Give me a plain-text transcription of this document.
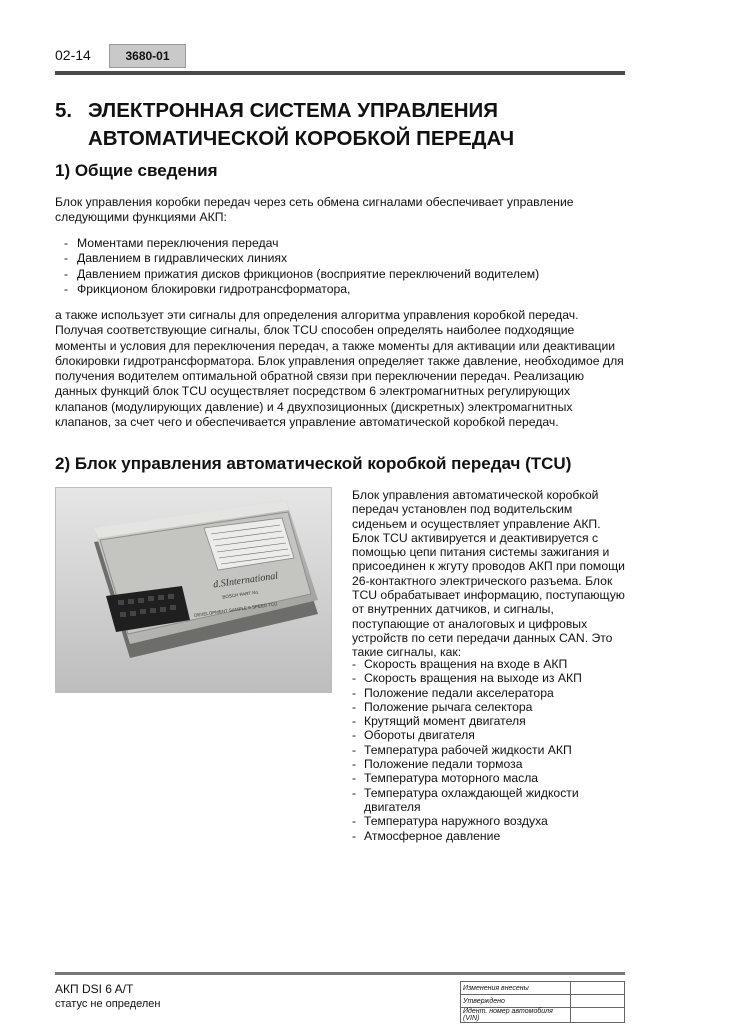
02-14	3680-01
5. ЭЛЕКТРОННАЯ СИСТЕМА УПРАВЛЕНИЯ
АВТОМАТИЧЕСКОЙ КОРОБКОЙ ПЕРЕДАЧ
1) Общие сведения
Блок управления коробки передач через сеть обмена сигналами обеспечивает управление следующими функциями АКП:
- Моментами переключения передач
- Давлением в гидравлических линиях
- Давлением прижатия дисков фрикционов (восприятие переключений водителем)
- Фрикционом блокировки гидротрансформатора,
а также использует эти сигналы для определения алгоритма управления коробкой передач. Получая соответствующие сигналы, блок TCU способен определять наиболее подходящие моменты и условия для переключения передач, а также моменты для активации или деактивации блокировки гидротрансформатора. Блок управления определяет также давление, необходимое для получения водителем оптимальной обратной связи при переключении передач. Реализацию данных функций блок TCU осуществляет посредством 6 электромагнитных регулирующих клапанов (модулирующих давление) и 4 двухпозиционных (дискретных) электромагнитных клапанов, за счет чего и обеспечивается управление автоматической коробкой передач.
2) Блок управления автоматической коробкой передач (TCU)
d.SInternational
BOSCH PART No.
DEVELOPMENT SAMPLE 6 SPEED TCU
Блок управления автоматической коробкой передач установлен под водительским сиденьем и осуществляет управление АКП. Блок TCU активируется и деактивируется с помощью цепи питания системы зажигания и присоединен к жгуту проводов АКП при помощи 26-контактного электрического разъема. Блок TCU обрабатывает информацию, поступающую от внутренних датчиков, и сигналы, поступающие от аналоговых и цифровых устройств по сети передачи данных CAN. Это такие сигналы, как:
- Скорость вращения на входе в АКП
- Скорость вращения на выходе из АКП
- Положение педали акселератора
- Положение рычага селектора
- Крутящий момент двигателя
- Обороты двигателя
- Температура рабочей жидкости АКП
- Положение педали тормоза
- Температура моторного масла
- Температура охлаждающей жидкости двигателя
- Температура наружного воздуха
- Атмосферное давление
АКП DSI 6 A/T
статус не определен
Изменения внесены	
Утверждено	
Идент. номер автомобиля (VIN)	
